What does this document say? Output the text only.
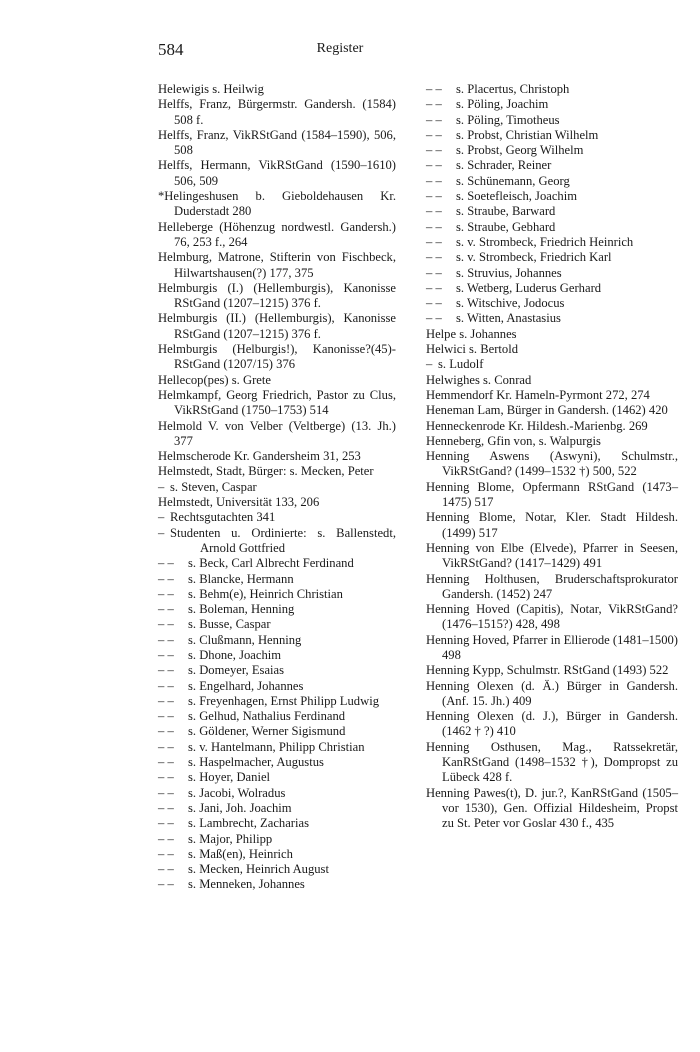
584	Register
Helewigis s. Heilwig
Helffs, Franz, Bürgermstr. Gandersh. (1584) 508 f.
Helffs, Franz, VikRStGand (1584–1590), 506, 508
Helffs, Hermann, VikRStGand (1590–1610) 506, 509
*Helingeshusen b. Gieboldehausen Kr. Duderstadt 280
Helleberge (Höhenzug nordwestl. Gandersh.) 76, 253 f., 264
Helmburg, Matrone, Stifterin von Fischbeck, Hilwartshausen(?) 177, 375
Helmburgis (I.) (Hellemburgis), Kanonisse RStGand (1207–1215) 376 f.
Helmburgis (II.) (Hellemburgis), Kanonisse RStGand (1207–1215) 376 f.
Helmburgis (Helburgis!), Kanonisse?(45)-RStGand (1207/15) 376
Hellecop(pes) s. Grete
Helmkampf, Georg Friedrich, Pastor zu Clus, VikRStGand (1750–1753) 514
Helmold V. von Velber (Veltberge) (13. Jh.) 377
Helmscherode Kr. Gandersheim 31, 253
Helmstedt, Stadt, Bürger: s. Mecken, Peter
– s. Steven, Caspar
Helmstedt, Universität 133, 206
– Rechtsgutachten 341
– Studenten u. Ordinierte: s. Ballenstedt, Arnold Gottfried
– – s. Beck, Carl Albrecht Ferdinand
– – s. Blancke, Hermann
– – s. Behm(e), Heinrich Christian
– – s. Boleman, Henning
– – s. Busse, Caspar
– – s. Clußmann, Henning
– – s. Dhone, Joachim
– – s. Domeyer, Esaias
– – s. Engelhard, Johannes
– – s. Freyenhagen, Ernst Philipp Ludwig
– – s. Gelhud, Nathalius Ferdinand
– – s. Göldener, Werner Sigismund
– – s. v. Hantelmann, Philipp Christian
– – s. Haspelmacher, Augustus
– – s. Hoyer, Daniel
– – s. Jacobi, Wolradus
– – s. Jani, Joh. Joachim
– – s. Lambrecht, Zacharias
– – s. Major, Philipp
– – s. Maß(en), Heinrich
– – s. Mecken, Heinrich August
– – s. Menneken, Johannes
– – s. Placertus, Christoph
– – s. Pöling, Joachim
– – s. Pöling, Timotheus
– – s. Probst, Christian Wilhelm
– – s. Probst, Georg Wilhelm
– – s. Schrader, Reiner
– – s. Schünemann, Georg
– – s. Soetefleisch, Joachim
– – s. Straube, Barward
– – s. Straube, Gebhard
– – s. v. Strombeck, Friedrich Heinrich
– – s. v. Strombeck, Friedrich Karl
– – s. Struvius, Johannes
– – s. Wetberg, Luderus Gerhard
– – s. Witschive, Jodocus
– – s. Witten, Anastasius
Helpe s. Johannes
Helwici s. Bertold
– s. Ludolf
Helwighes s. Conrad
Hemmendorf Kr. Hameln-Pyrmont 272, 274
Heneman Lam, Bürger in Gandersh. (1462) 420
Henneckenrode Kr. Hildesh.-Marienbg. 269
Henneberg, Gfin von, s. Walpurgis
Henning Aswens (Aswyni), Schulmstr., VikRStGand? (1499–1532 †) 500, 522
Henning Blome, Opfermann RStGand (1473–1475) 517
Henning Blome, Notar, Kler. Stadt Hildesh. (1499) 517
Henning von Elbe (Elvede), Pfarrer in Seesen, VikRStGand? (1417–1429) 491
Henning Holthusen, Bruderschaftsprokurator Gandersh. (1452) 247
Henning Hoved (Capitis), Notar, VikRStGand? (1476–1515?) 428, 498
Henning Hoved, Pfarrer in Ellierode (1481–1500) 498
Henning Kypp, Schulmstr. RStGand (1493) 522
Henning Olexen (d. Ä.) Bürger in Gandersh. (Anf. 15. Jh.) 409
Henning Olexen (d. J.), Bürger in Gandersh. (1462 † ?) 410
Henning Osthusen, Mag., Ratssekretär, KanRStGand (1498–1532 †), Dompropst zu Lübeck 428 f.
Henning Pawes(t), D. jur.?, KanRStGand (1505–vor 1530), Gen. Offizial Hildesheim, Propst zu St. Peter vor Goslar 430 f., 435
